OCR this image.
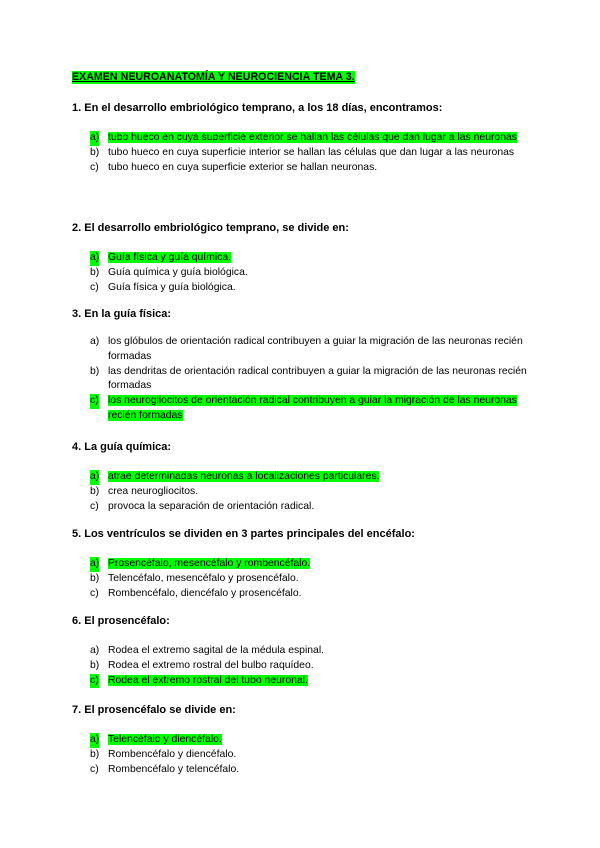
EXAMEN NEUROANATOMÍA Y NEUROCIENCIA TEMA 3.

1. En el desarrollo embriológico temprano, a los 18 días, encontramos:

a) tubo hueco en cuya superficie exterior se hallan las células que dan lugar a las neuronas
b) tubo hueco en cuya superficie interior se hallan las células que dan lugar a las neuronas
c) tubo hueco en cuya superficie exterior se hallan neuronas.

2. El desarrollo embriológico temprano, se divide en:

a) Guía física y guía química.
b) Guía química y guía biológica.
c) Guía física y guía biológica.

3. En la guía física:

a) los glóbulos de orientación radical contribuyen a guiar la migración de las neuronas recién formadas
b) las dendritas de orientación radical contribuyen a guiar la migración de las neuronas recién formadas
c) los neurogliocitos de orientación radical contribuyen a guiar la migración de las neuronas recién formadas

4. La guía química:

a) atrae determinadas neuronas a localizaciones particulares.
b) crea neurogliocitos.
c) provoca la separación de orientación radical.

5. Los ventrículos se dividen en 3 partes principales del encéfalo:

a) Prosencéfalo, mesencéfalo y rombencéfalo.
b) Telencéfalo, mesencéfalo y prosencéfalo.
c) Rombencéfalo, diencéfalo y prosencéfalo.

6. El prosencéfalo:

a) Rodea el extremo sagital de la médula espinal.
b) Rodea el extremo rostral del bulbo raquídeo.
c) Rodea el extremo rostral del tubo neuronal.

7. El prosencéfalo se divide en:

a) Telencéfalo y diencéfalo.
b) Rombencéfalo y diencéfalo.
c) Rombencéfalo y telencéfalo.
